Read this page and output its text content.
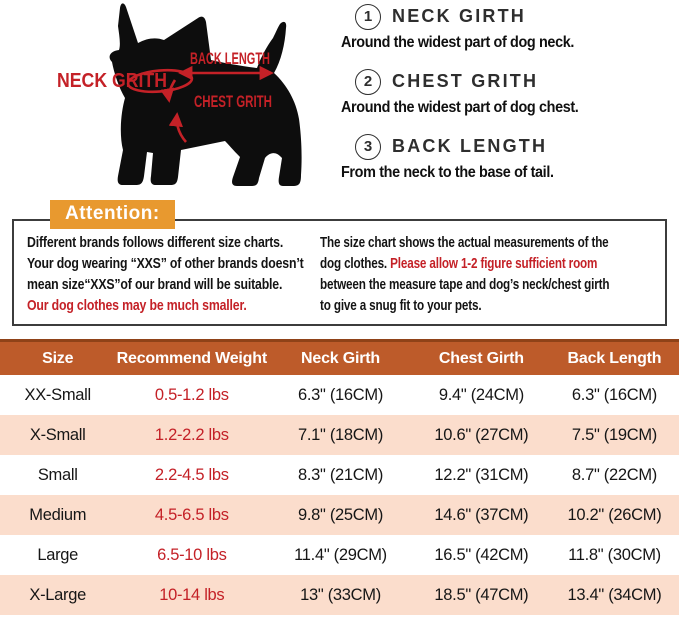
NECK GRITH
BACK LENGTH
CHEST GRITH
1	NECK GIRTH
Around the widest part of dog neck.
2	CHEST GRITH
Around the widest part of dog chest.
3	BACK LENGTH
From the neck to the base of tail.
Attention:
Different brands follows different size charts.
Your dog wearing “XXS” of other brands doesn’t
mean size“XXS”of our brand will be suitable.
Our dog clothes may be much smaller.
The size chart shows the actual measurements of the
dog clothes. Please allow 1-2 figure sufficient room
between the measure tape and dog’s neck/chest girth
to give a snug fit to your pets.
Size	Recommend Weight	Neck Girth	Chest Girth	Back Length
XX-Small	0.5-1.2 lbs	6.3" (16CM)	9.4" (24CM)	6.3" (16CM)
X-Small	1.2-2.2 lbs	7.1" (18CM)	10.6" (27CM)	7.5" (19CM)
Small	2.2-4.5 lbs	8.3" (21CM)	12.2" (31CM)	8.7" (22CM)
Medium	4.5-6.5 lbs	9.8" (25CM)	14.6" (37CM)	10.2" (26CM)
Large	6.5-10 lbs	11.4" (29CM)	16.5" (42CM)	11.8" (30CM)
X-Large	10-14 lbs	13" (33CM)	18.5" (47CM)	13.4" (34CM)
